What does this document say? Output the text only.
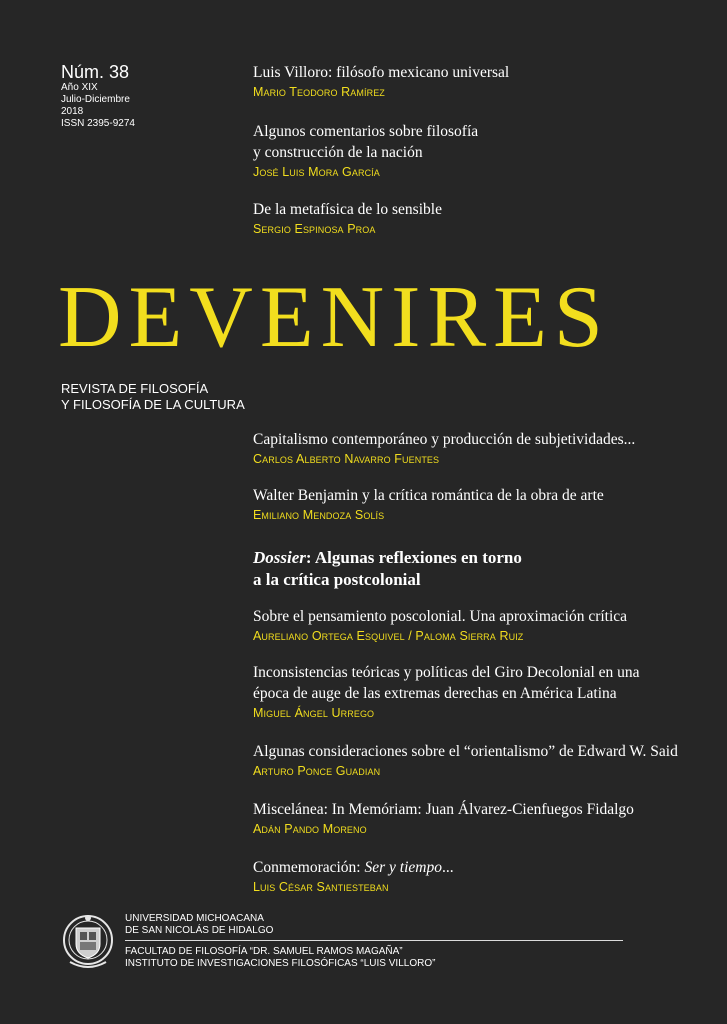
Núm. 38
Año XIX
Julio-Diciembre
2018
ISSN 2395-9274
Luis Villoro: filósofo mexicano universal
Mario Teodoro Ramírez
Algunos comentarios sobre filosofía
y construcción de la nación
José Luis Mora García
De la metafísica de lo sensible
Sergio Espinosa Proa
DEVENIRES
REVISTA DE FILOSOFÍA
Y FILOSOFÍA DE LA CULTURA
Capitalismo contemporáneo y producción de subjetividades...
Carlos Alberto Navarro Fuentes
Walter Benjamin y la crítica romántica de la obra de arte
Emiliano Mendoza Solís
Dossier: Algunas reflexiones en torno
a la crítica postcolonial
Sobre el pensamiento poscolonial. Una aproximación crítica
Aureliano Ortega Esquivel / Paloma Sierra Ruiz
Inconsistencias teóricas y políticas del Giro Decolonial en una
época de auge de las extremas derechas en América Latina
Miguel Ángel Urrego
Algunas consideraciones sobre el “orientalismo” de Edward W. Said
Arturo Ponce Guadian
Miscelánea: In Memóriam: Juan Álvarez-Cienfuegos Fidalgo
Adán Pando Moreno
Conmemoración: Ser y tiempo...
Luis César Santiesteban
UNIVERSIDAD MICHOACANA
DE SAN NICOLÁS DE HIDALGO
FACULTAD DE FILOSOFÍA “DR. SAMUEL RAMOS MAGAÑA”
INSTITUTO DE INVESTIGACIONES FILOSÓFICAS “LUIS VILLORO”
